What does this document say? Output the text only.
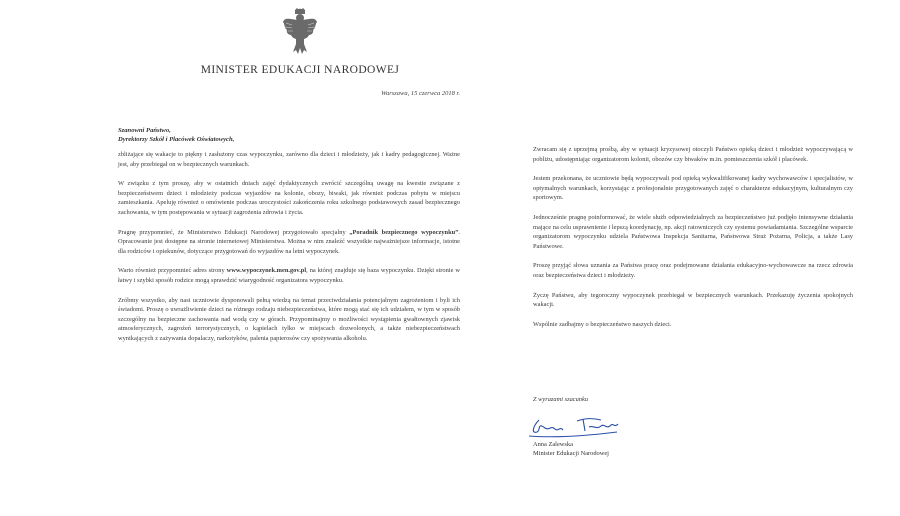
MINISTER EDUKACJI NARODOWEJ
Warszawa, 15 czerwca 2018 r.
Szanowni Państwo,
Dyrektorzy Szkół i Placówek Oświatowych,

zbliżające się wakacje to piękny i zasłużony czas wypoczynku, zarówno dla dzieci i młodzieży, jak i kadry pedagogicznej. Ważne jest, aby przebiegał on w bezpiecznych warunkach.

W związku z tym proszę, aby w ostatnich dniach zajęć dydaktycznych zwrócić szczególną uwagę na kwestie związane z bezpieczeństwem dzieci i młodzieży podczas wyjazdów na kolonie, obozy, biwaki, jak również podczas pobytu w miejscu zamieszkania. Apeluję również o omówienie podczas uroczystości zakończenia roku szkolnego podstawowych zasad bezpiecznego zachowania, w tym postępowania w sytuacji zagrożenia zdrowia i życia.

Pragnę przypomnieć, że Ministerstwo Edukacji Narodowej przygotowało specjalny „Poradnik bezpiecznego wypoczynku”. Opracowanie jest dostępne na stronie internetowej Ministerstwa. Można w nim znaleźć wszystkie najważniejsze informacje, istotne dla rodziców i opiekunów, dotyczące przygotowań do wyjazdów na letni wypoczynek.

Warto również przypomnieć adres strony www.wypoczynek.men.gov.pl, na której znajduje się baza wypoczynku. Dzięki stronie w łatwy i szybki sposób rodzice mogą sprawdzić wiarygodność organizatora wypoczynku.

Zróbmy wszystko, aby nasi uczniowie dysponowali pełną wiedzą na temat przeciwdziałania potencjalnym zagrożeniom i byli ich świadomi. Proszę o uwrażliwienie dzieci na różnego rodzaju niebezpieczeństwa, które mogą stać się ich udziałem, w tym w sposób szczególny na bezpieczne zachowania nad wodą czy w górach. Przypominajmy o możliwości wystąpienia gwałtownych zjawisk atmosferycznych, zagrożeń terrorystycznych, o kąpielach tylko w miejscach dozwolonych, a także niebezpieczeństwach wynikających z zażywania dopalaczy, narkotyków, palenia papierosów czy spożywania alkoholu.

Zwracam się z uprzejmą prośbą, aby w sytuacji kryzysowej otoczyli Państwo opieką dzieci i młodzież wypoczywającą w pobliżu, udostępniając organizatorom kolonii, obozów czy biwaków m.in. pomieszczenia szkół i placówek.

Jestem przekonana, że uczniowie będą wypoczywali pod opieką wykwalifikowanej kadry wychowawców i specjalistów, w optymalnych warunkach, korzystając z profesjonalnie przygotowanych zajęć o charakterze edukacyjnym, kulturalnym czy sportowym.

Jednocześnie pragnę poinformować, że wiele służb odpowiedzialnych za bezpieczeństwo już podjęło intensywne działania mające na celu usprawnienie i lepszą koordynację, np. akcji ratowniczych czy systemu powiadamiania. Szczególne wsparcie organizatorom wypoczynku udziela Państwowa Inspekcja Sanitarna, Państwowa Straż Pożarna, Policja, a także Lasy Państwowe.

Proszę przyjąć słowa uznania za Państwa pracę oraz podejmowane działania edukacyjno-wychowawcze na rzecz zdrowia oraz bezpieczeństwa dzieci i młodzieży.

Życzę Państwu, aby tegoroczny wypoczynek przebiegał w bezpiecznych warunkach. Przekazuję życzenia spokojnych wakacji.

Wspólnie zadbajmy o bezpieczeństwo naszych dzieci.

Z wyrazami szacunku
Anna Zalewska
Minister Edukacji Narodowej
